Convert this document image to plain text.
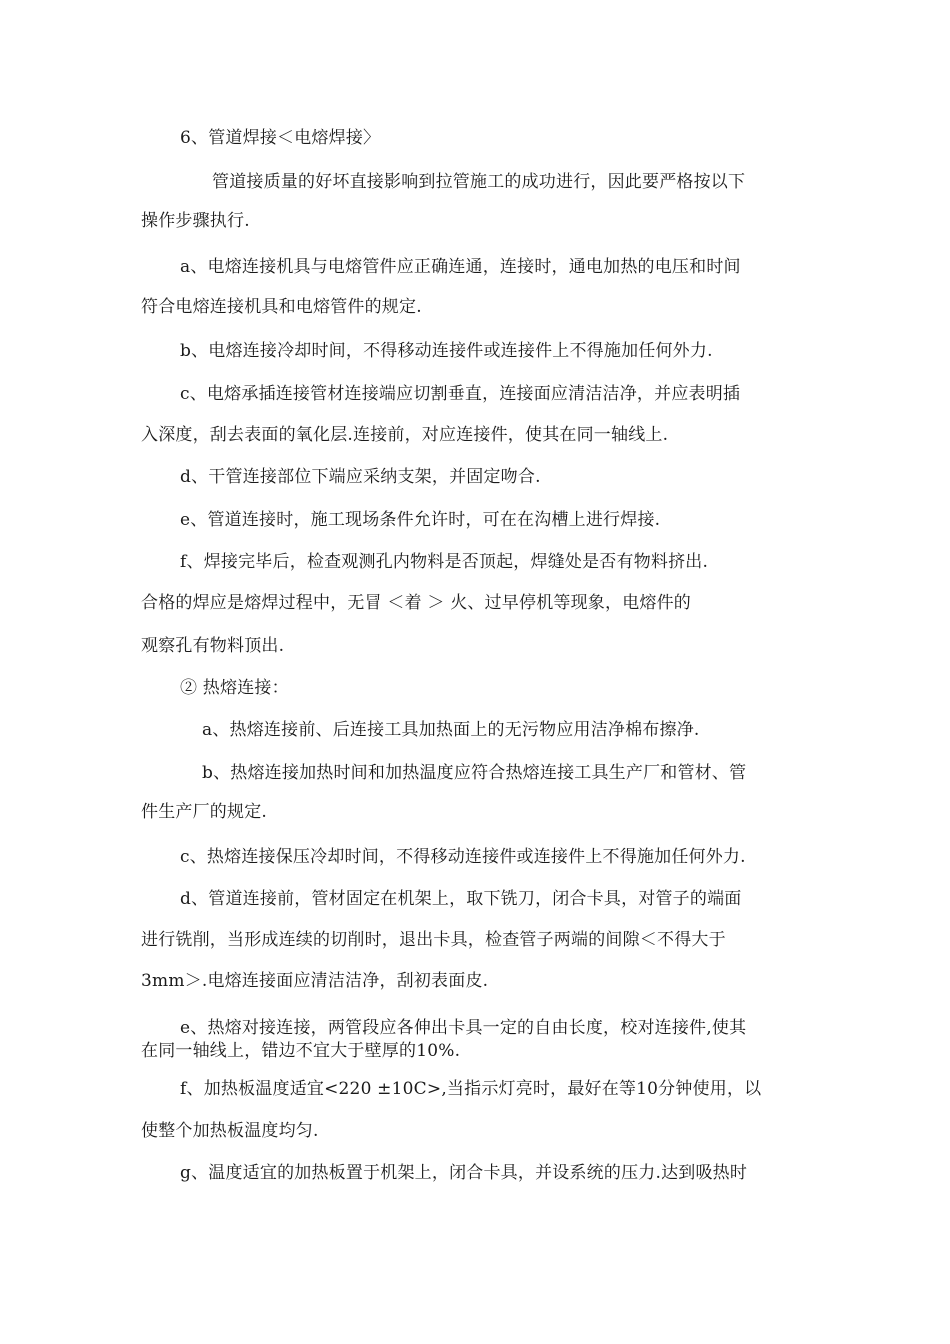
6、管道焊接＜电熔焊接〉
管道接质量的好坏直接影响到拉管施工的成功进行，因此要严格按以下
操作步骤执行.
a、电熔连接机具与电熔管件应正确连通，连接时，通电加热的电压和时间
符合电熔连接机具和电熔管件的规定.
b、电熔连接冷却时间，不得移动连接件或连接件上不得施加任何外力.
c、电熔承插连接管材连接端应切割垂直，连接面应清洁洁净，并应表明插
入深度，刮去表面的氧化层.连接前，对应连接件，使其在同一轴线上.
d、干管连接部位下端应采纳支架，并固定吻合.
e、管道连接时，施工现场条件允许时，可在在沟槽上进行焊接.
f、焊接完毕后，检查观测孔内物料是否顶起，焊缝处是否有物料挤出.
合格的焊应是熔焊过程中，无冒 ＜着 ＞ 火、过早停机等现象，电熔件的
观察孔有物料顶出.
② 热熔连接：
a、热熔连接前、后连接工具加热面上的无污物应用洁净棉布擦净.
b、热熔连接加热时间和加热温度应符合热熔连接工具生产厂和管材、管
件生产厂的规定.
c、热熔连接保压冷却时间，不得移动连接件或连接件上不得施加任何外力.
d、管道连接前，管材固定在机架上，取下铣刀，闭合卡具，对管子的端面
进行铣削，当形成连续的切削时，退出卡具，检查管子两端的间隙＜不得大于
3mm＞.电熔连接面应清洁洁净，刮初表面皮.
e、热熔对接连接，两管段应各伸出卡具一定的自由长度，校对连接件,使其
在同一轴线上，错边不宜大于壁厚的10%.
f、加热板温度适宜<220 ±10C>,当指示灯亮时，最好在等10分钟使用，以
使整个加热板温度均匀.
g、温度适宜的加热板置于机架上，闭合卡具，并设系统的压力.达到吸热时
